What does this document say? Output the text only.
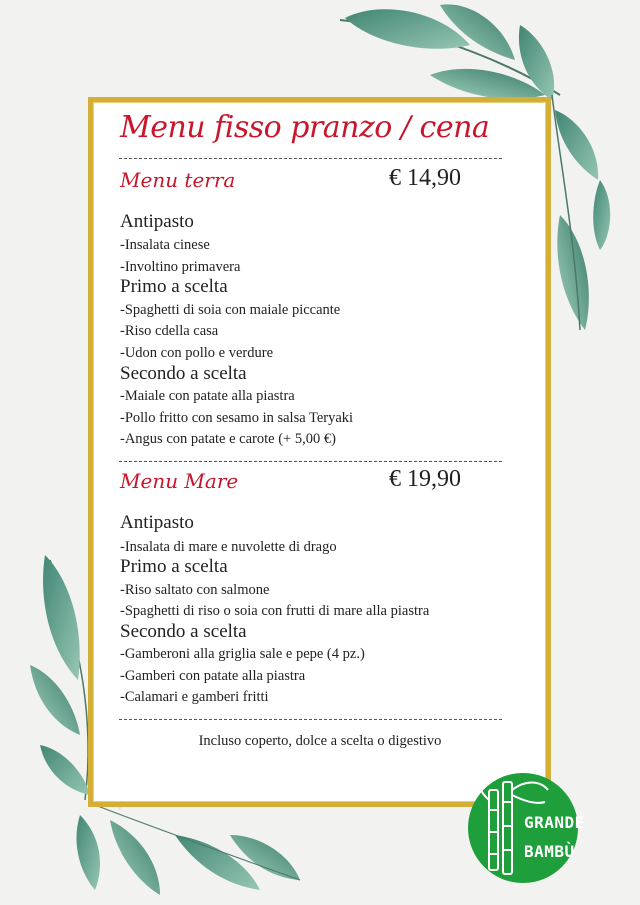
Menu fisso pranzo / cena
Menu terra	€ 14,90
Antipasto
-Insalata cinese
-Involtino primavera
Primo a scelta
-Spaghetti di soia con maiale piccante
-Riso cdella casa
-Udon con pollo e verdure
Secondo a scelta
-Maiale con patate alla piastra
-Pollo fritto con sesamo in salsa Teryaki
-Angus con patate e carote (+ 5,00 €)
Menu Mare	€ 19,90
Antipasto
-Insalata di mare e nuvolette di drago
Primo a scelta
-Riso saltato con salmone
-Spaghetti di riso o soia con frutti di mare alla piastra
Secondo a scelta
-Gamberoni alla griglia sale e pepe (4 pz.)
-Gamberi con patate alla piastra
-Calamari e gamberi fritti
Incluso coperto, dolce a scelta o digestivo
GRANDE
BAMBÙ
